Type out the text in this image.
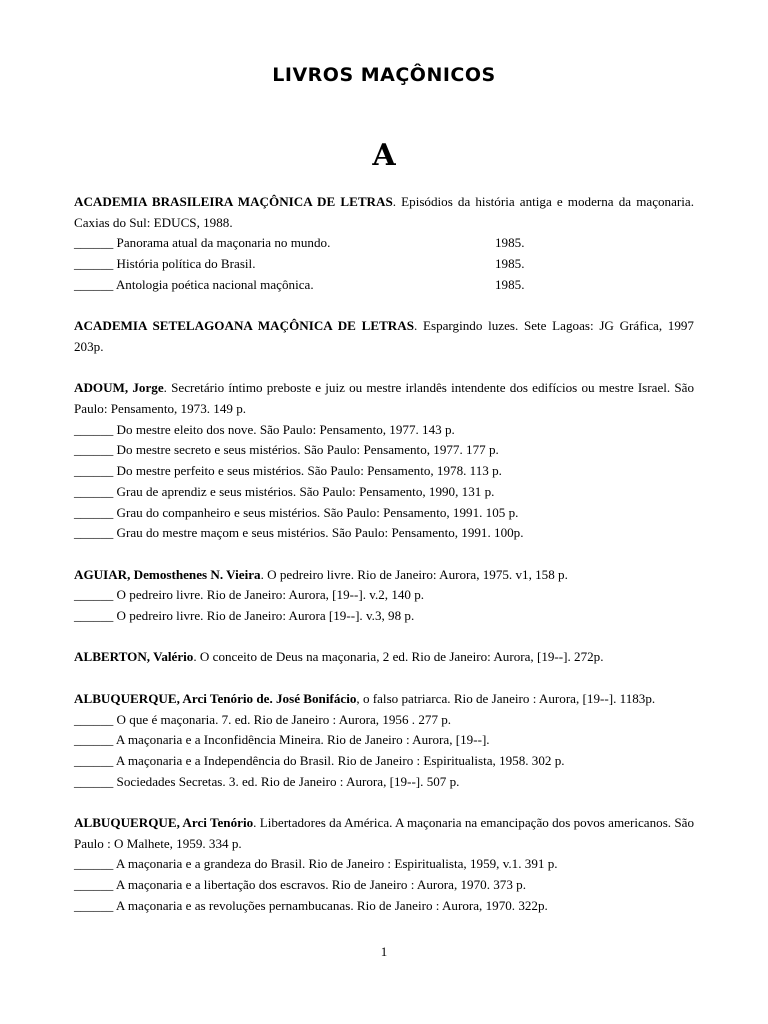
LIVROS MAÇÔNICOS
A
ACADEMIA BRASILEIRA MAÇÔNICA DE LETRAS. Episódios da história antiga e moderna da maçonaria. Caxias do Sul: EDUCS, 1988.
______ Panorama atual da maçonaria no mundo.	1985.
______ História política do Brasil.	1985.
______ Antologia poética nacional maçônica.	1985.
ACADEMIA SETELAGOANA MAÇÔNICA DE LETRAS. Espargindo luzes. Sete Lagoas: JG Gráfica, 1997 203p.
ADOUM, Jorge. Secretário íntimo preboste e juiz ou mestre irlandês intendente dos edifícios ou mestre Israel. São Paulo: Pensamento, 1973. 149 p.
______ Do mestre eleito dos nove. São Paulo: Pensamento, 1977. 143 p.
______ Do mestre secreto e seus mistérios. São Paulo: Pensamento, 1977. 177 p.
______ Do mestre perfeito e seus mistérios. São Paulo: Pensamento, 1978. 113 p.
______ Grau de aprendiz e seus mistérios. São Paulo: Pensamento, 1990, 131 p.
______ Grau do companheiro e seus mistérios. São Paulo: Pensamento, 1991. 105 p.
______ Grau do mestre maçom e seus mistérios. São Paulo: Pensamento, 1991. 100p.
AGUIAR, Demosthenes N. Vieira. O pedreiro livre. Rio de Janeiro: Aurora, 1975. v1, 158 p.
______ O pedreiro livre. Rio de Janeiro: Aurora, [19--]. v.2, 140 p.
______ O pedreiro livre. Rio de Janeiro: Aurora [19--]. v.3, 98 p.
ALBERTON, Valério. O conceito de Deus na maçonaria, 2 ed. Rio de Janeiro: Aurora, [19--]. 272p.
ALBUQUERQUE, Arci Tenório de. José Bonifácio, o falso patriarca. Rio de Janeiro : Aurora, [19--]. 1183p.
______ O que é maçonaria. 7. ed. Rio de Janeiro : Aurora, 1956 . 277 p.
______ A maçonaria e a Inconfidência Mineira. Rio de Janeiro : Aurora, [19--].
______ A maçonaria e a Independência do Brasil. Rio de Janeiro : Espiritualista, 1958. 302 p.
______ Sociedades Secretas. 3. ed. Rio de Janeiro : Aurora, [19--]. 507 p.
ALBUQUERQUE, Arci Tenório. Libertadores da América. A maçonaria na emancipação dos povos americanos. São Paulo : O Malhete, 1959. 334 p.
______ A maçonaria e a grandeza do Brasil. Rio de Janeiro : Espiritualista, 1959, v.1. 391 p.
______ A maçonaria e a libertação dos escravos. Rio de Janeiro : Aurora, 1970. 373 p.
______ A maçonaria e as revoluções pernambucanas. Rio de Janeiro : Aurora, 1970. 322p.
1
